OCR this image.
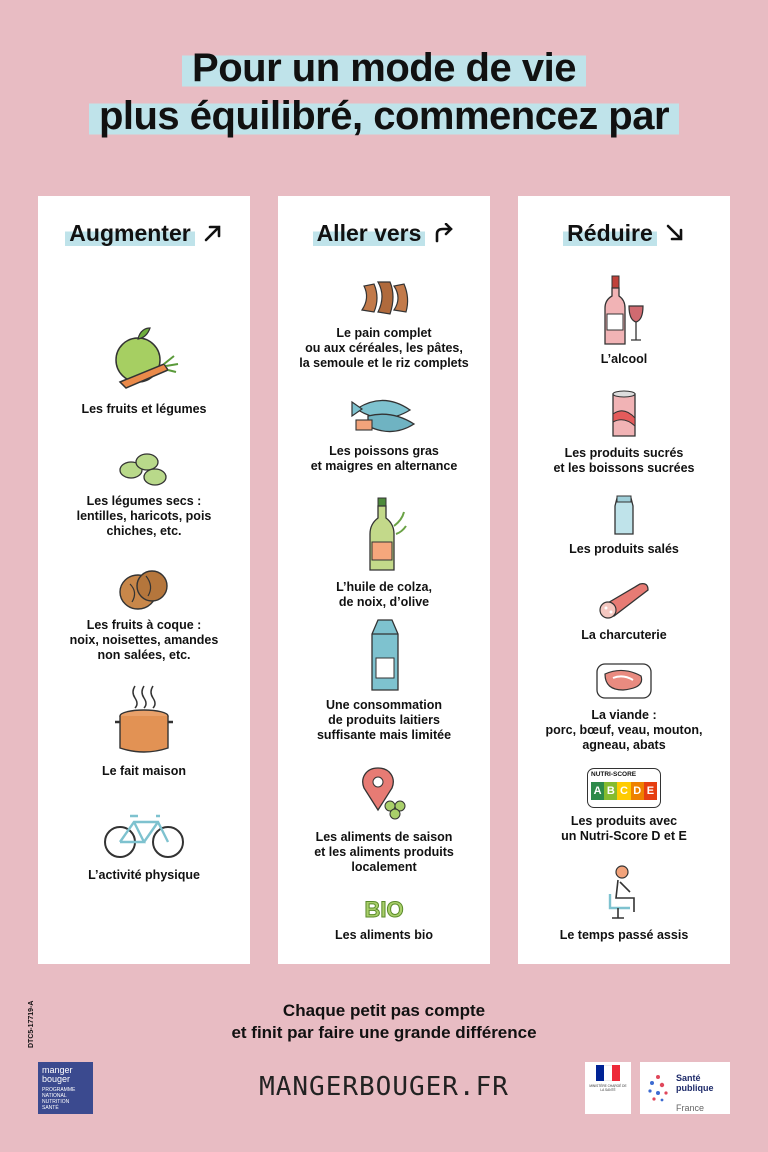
Pour un mode de vie
plus équilibré, commencez par
Augmenter
Les fruits et légumes
Les légumes secs :
lentilles, haricots, pois
chiches, etc.
Les fruits à coque :
noix, noisettes, amandes
non salées, etc.
Le fait maison
L’activité physique
Aller vers
Le pain complet
ou aux céréales, les pâtes,
la semoule et le riz complets
Les poissons gras
et maigres en alternance
L’huile de colza,
de noix, d’olive
Une consommation
de produits laitiers
suffisante mais limitée
Les aliments de saison
et les aliments produits
localement
BIO
Les aliments bio
Réduire
L’alcool
Les produits sucrés
et les boissons sucrées
Les produits salés
La charcuterie
La viande :
porc, bœuf, veau, mouton,
agneau, abats
NUTRI-SCORE
A B C D E
Les produits avec
un Nutri-Score D et E
Le temps passé assis
Chaque petit pas compte
et finit par faire une grande différence
DTC5-17719-A
manger bouger
PROGRAMME
NATIONAL
NUTRITION
SANTÉ
MANGERBOUGER.FR	MINISTÈRE CHARGÉ DE LA SANTÉ

Santé
publique

France
